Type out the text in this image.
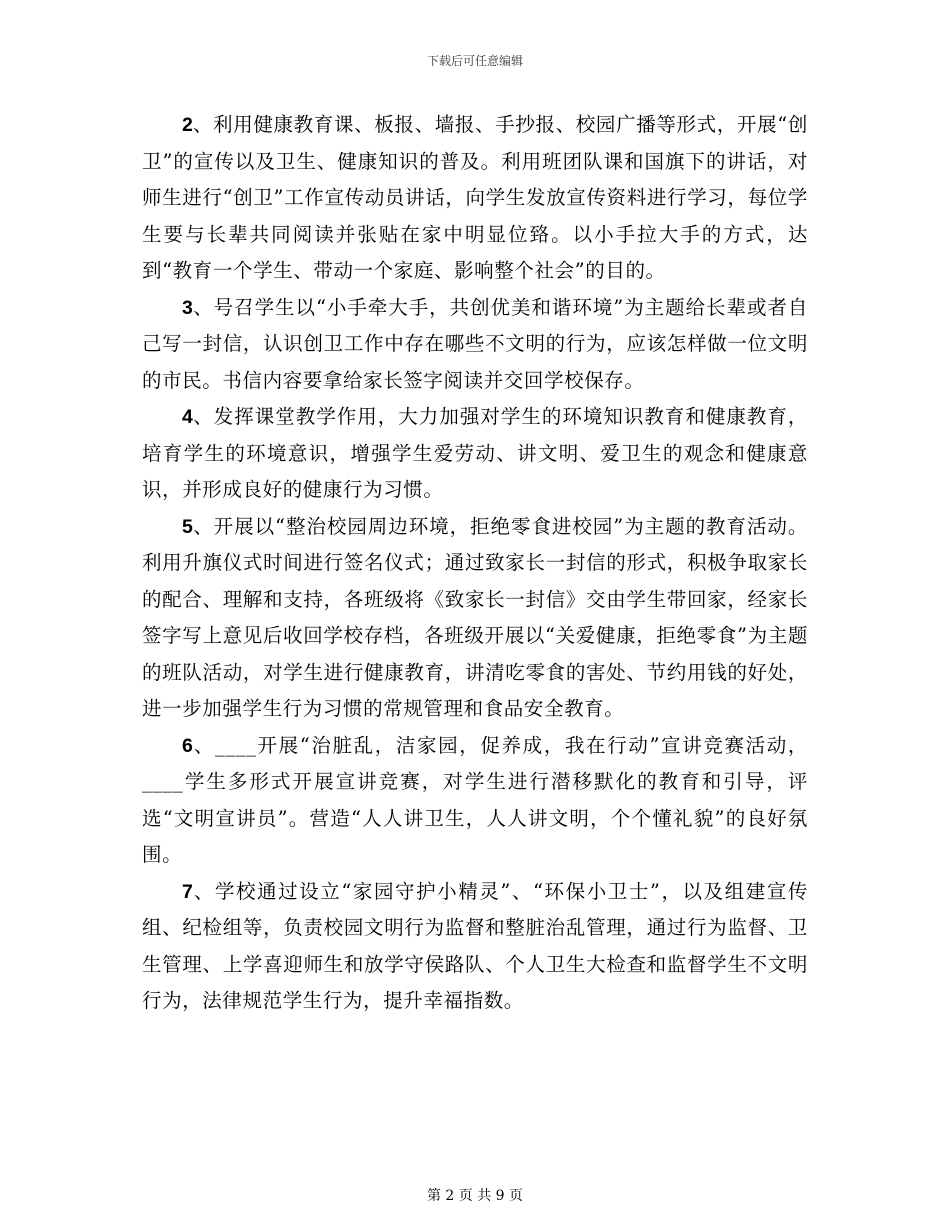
下载后可任意编辑

2、利用健康教育课、板报、墙报、手抄报、校园广播等形式，开展“创卫”的宣传以及卫生、健康知识的普及。利用班团队课和国旗下的讲话，对师生进行“创卫”工作宣传动员讲话，向学生发放宣传资料进行学习，每位学生要与长辈共同阅读并张贴在家中明显位臵。以小手拉大手的方式，达到“教育一个学生、带动一个家庭、影响整个社会”的目的。

3、号召学生以“小手牵大手，共创优美和谐环境”为主题给长辈或者自己写一封信，认识创卫工作中存在哪些不文明的行为，应该怎样做一位文明的市民。书信内容要拿给家长签字阅读并交回学校保存。

4、发挥课堂教学作用，大力加强对学生的环境知识教育和健康教育，培育学生的环境意识，增强学生爱劳动、讲文明、爱卫生的观念和健康意识，并形成良好的健康行为习惯。

5、开展以“整治校园周边环境，拒绝零食进校园”为主题的教育活动。利用升旗仪式时间进行签名仪式；通过致家长一封信的形式，积极争取家长的配合、理解和支持，各班级将《致家长一封信》交由学生带回家，经家长签字写上意见后收回学校存档，各班级开展以“关爱健康，拒绝零食”为主题的班队活动，对学生进行健康教育，讲清吃零食的害处、节约用钱的好处，进一步加强学生行为习惯的常规管理和食品安全教育。

6、____开展“治脏乱，洁家园，促养成，我在行动”宣讲竞赛活动，____学生多形式开展宣讲竞赛，对学生进行潜移默化的教育和引导，评选“文明宣讲员”。营造“人人讲卫生，人人讲文明，个个懂礼貌”的良好氛围。

7、学校通过设立“家园守护小精灵”、“环保小卫士”，以及组建宣传组、纪检组等，负责校园文明行为监督和整脏治乱管理，通过行为监督、卫生管理、上学喜迎师生和放学守侯路队、个人卫生大检查和监督学生不文明行为，法律规范学生行为，提升幸福指数。

第 2 页 共 9 页
